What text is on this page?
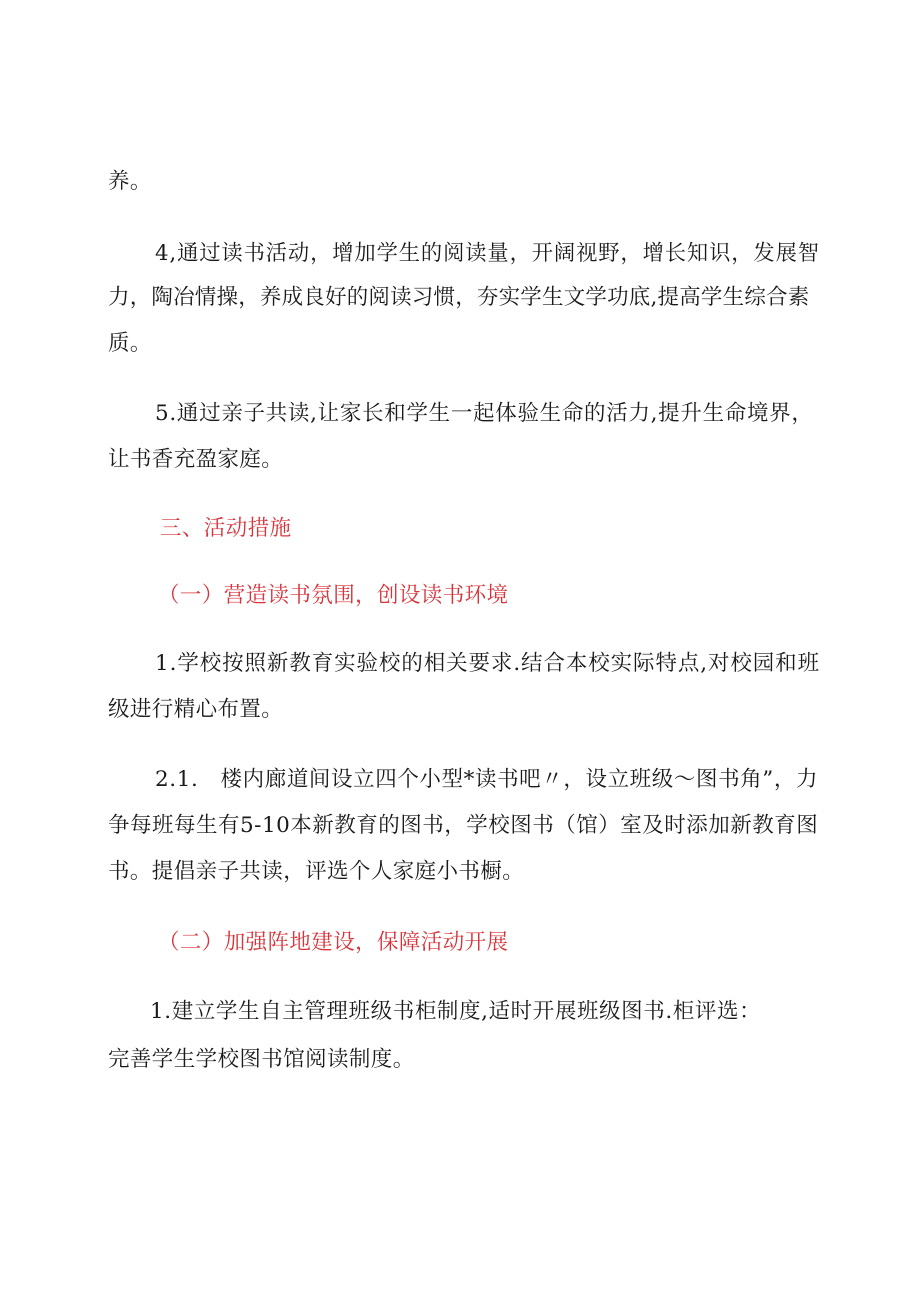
养。
4,通过读书活动，增加学生的阅读量，开阔视野，增长知识，发展智
力，陶冶情操，养成良好的阅读习惯，夯实学生文学功底,提高学生综合素
质。
5.通过亲子共读,让家长和学生一起体验生命的活力,提升生命境界，
让书香充盈家庭。
三、活动措施
（一）营造读书氛围，创设读书环境
1.学校按照新教育实验校的相关要求.结合本校实际特点,对校园和班
级进行精心布置。
2.1.　楼内廊道间设立四个小型*读书吧〃，设立班级～图书角”，力
争每班每生有5-10本新教育的图书，学校图书（馆）室及时添加新教育图
书。提倡亲子共读，评选个人家庭小书橱。
（二）加强阵地建设，保障活动开展
1.建立学生自主管理班级书柜制度,适时开展班级图书.柜评选：
完善学生学校图书馆阅读制度。
